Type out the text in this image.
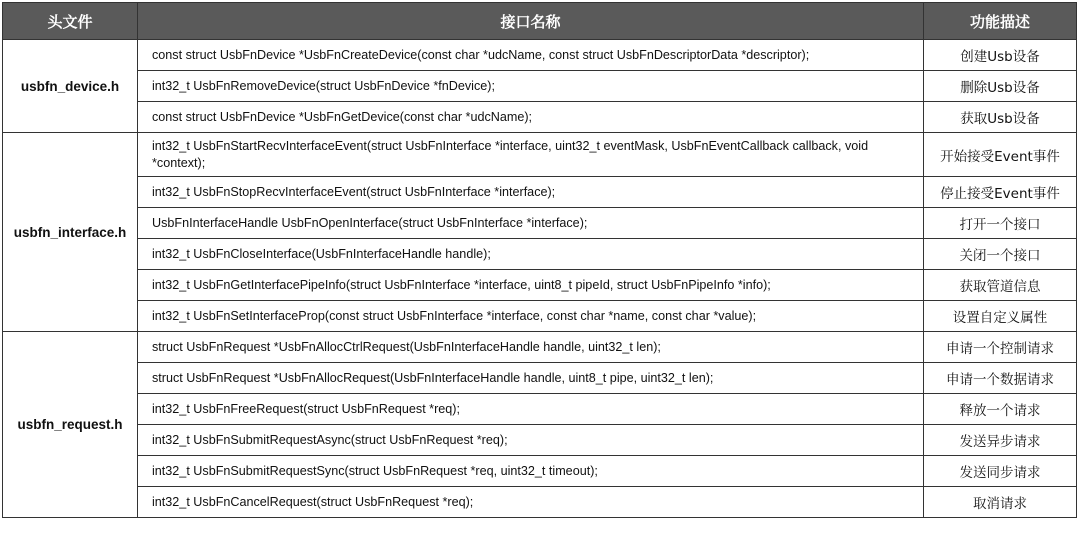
头文件	接口名称	功能描述
usbfn_device.h	const struct UsbFnDevice *UsbFnCreateDevice(const char *udcName, const struct UsbFnDescriptorData *descriptor);	创建Usb设备
	int32_t UsbFnRemoveDevice(struct UsbFnDevice *fnDevice);	删除Usb设备
	const struct UsbFnDevice *UsbFnGetDevice(const char *udcName);	获取Usb设备
usbfn_interface.h	int32_t UsbFnStartRecvInterfaceEvent(struct UsbFnInterface *interface, uint32_t eventMask, UsbFnEventCallback callback, void *context);	开始接受Event事件
	int32_t UsbFnStopRecvInterfaceEvent(struct UsbFnInterface *interface);	停止接受Event事件
	UsbFnInterfaceHandle UsbFnOpenInterface(struct UsbFnInterface *interface);	打开一个接口
	int32_t UsbFnCloseInterface(UsbFnInterfaceHandle handle);	关闭一个接口
	int32_t UsbFnGetInterfacePipeInfo(struct UsbFnInterface *interface, uint8_t pipeId, struct UsbFnPipeInfo *info);	获取管道信息
	int32_t UsbFnSetInterfaceProp(const struct UsbFnInterface *interface, const char *name, const char *value);	设置自定义属性
usbfn_request.h	struct UsbFnRequest *UsbFnAllocCtrlRequest(UsbFnInterfaceHandle handle, uint32_t len);	申请一个控制请求
	struct UsbFnRequest *UsbFnAllocRequest(UsbFnInterfaceHandle handle, uint8_t pipe, uint32_t len);	申请一个数据请求
	int32_t UsbFnFreeRequest(struct UsbFnRequest *req);	释放一个请求
	int32_t UsbFnSubmitRequestAsync(struct UsbFnRequest *req);	发送异步请求
	int32_t UsbFnSubmitRequestSync(struct UsbFnRequest *req, uint32_t timeout);	发送同步请求
	int32_t UsbFnCancelRequest(struct UsbFnRequest *req);	取消请求
